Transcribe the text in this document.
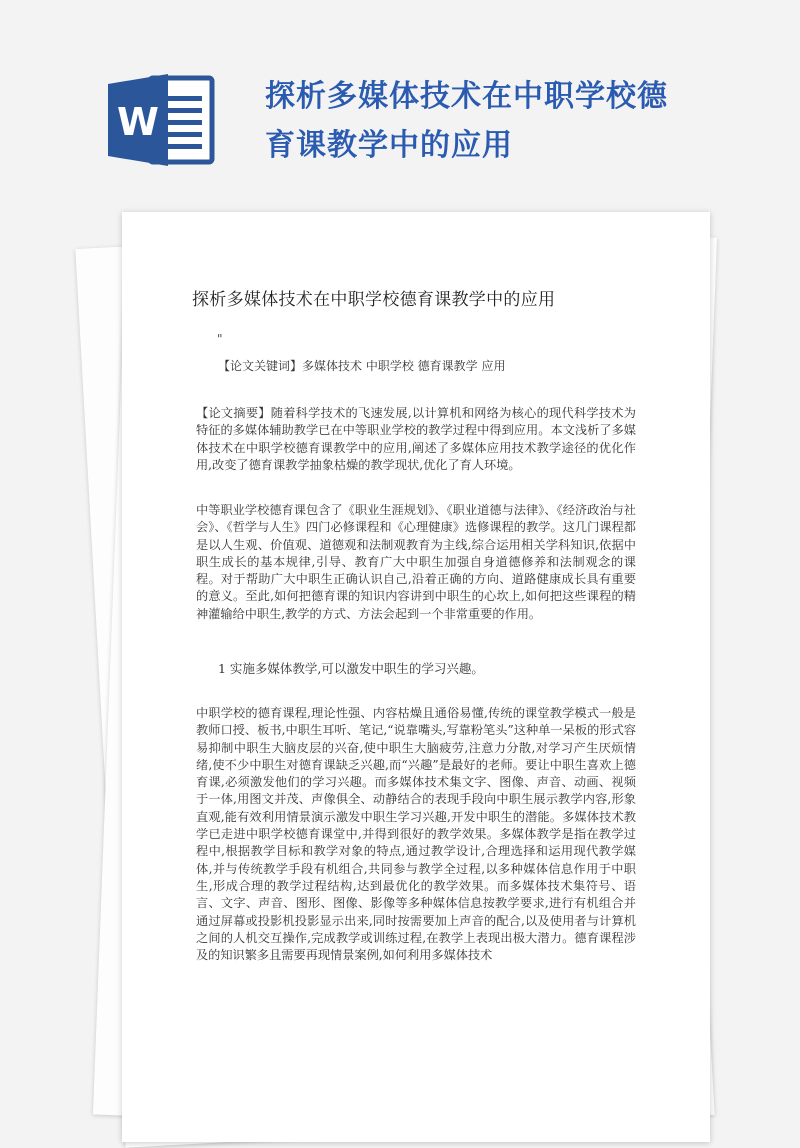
W
探析多媒体技术在中职学校德
育课教学中的应用
探析多媒体技术在中职学校德育课教学中的应用
"
【论文关键词】多媒体技术 中职学校 德育课教学 应用
【论文摘要】随着科学技术的飞速发展,以计算机和网络为核心的现代科学技术为特征的多媒体辅助教学已在中等职业学校的教学过程中得到应用。本文浅析了多媒体技术在中职学校德育课教学中的应用,阐述了多媒体应用技术教学途径的优化作用,改变了德育课教学抽象枯燥的教学现状,优化了育人环境。
中等职业学校德育课包含了《职业生涯规划》、《职业道德与法律》、《经济政治与社会》、《哲学与人生》四门必修课程和《心理健康》选修课程的教学。这几门课程都是以人生观、价值观、道德观和法制观教育为主线,综合运用相关学科知识,依据中职生成长的基本规律,引导、教育广大中职生加强自身道德修养和法制观念的课程。对于帮助广大中职生正确认识自己,沿着正确的方向、道路健康成长具有重要的意义。至此,如何把德育课的知识内容讲到中职生的心坎上,如何把这些课程的精神灌输给中职生,教学的方式、方法会起到一个非常重要的作用。
1 实施多媒体教学,可以激发中职生的学习兴趣。
中职学校的德育课程,理论性强、内容枯燥且通俗易懂,传统的课堂教学模式一般是教师口授、板书,中职生耳听、笔记,“说靠嘴头,写靠粉笔头”这种单一呆板的形式容易抑制中职生大脑皮层的兴奋,使中职生大脑疲劳,注意力分散,对学习产生厌烦情绪,使不少中职生对德育课缺乏兴趣,而“兴趣”是最好的老师。要让中职生喜欢上德育课,必须激发他们的学习兴趣。而多媒体技术集文字、图像、声音、动画、视频于一体,用图文并茂、声像俱全、动静结合的表现手段向中职生展示教学内容,形象直观,能有效利用情景演示激发中职生学习兴趣,开发中职生的潜能。多媒体技术教学已走进中职学校德育课堂中,并得到很好的教学效果。多媒体教学是指在教学过程中,根据教学目标和教学对象的特点,通过教学设计,合理选择和运用现代教学媒体,并与传统教学手段有机组合,共同参与教学全过程,以多种媒体信息作用于中职生,形成合理的教学过程结构,达到最优化的教学效果。而多媒体技术集符号、语言、文字、声音、图形、图像、影像等多种媒体信息按教学要求,进行有机组合并通过屏幕或投影机投影显示出来,同时按需要加上声音的配合,以及使用者与计算机之间的人机交互操作,完成教学或训练过程,在教学上表现出极大潜力。德育课程涉及的知识繁多且需要再现情景案例,如何利用多媒体技术
